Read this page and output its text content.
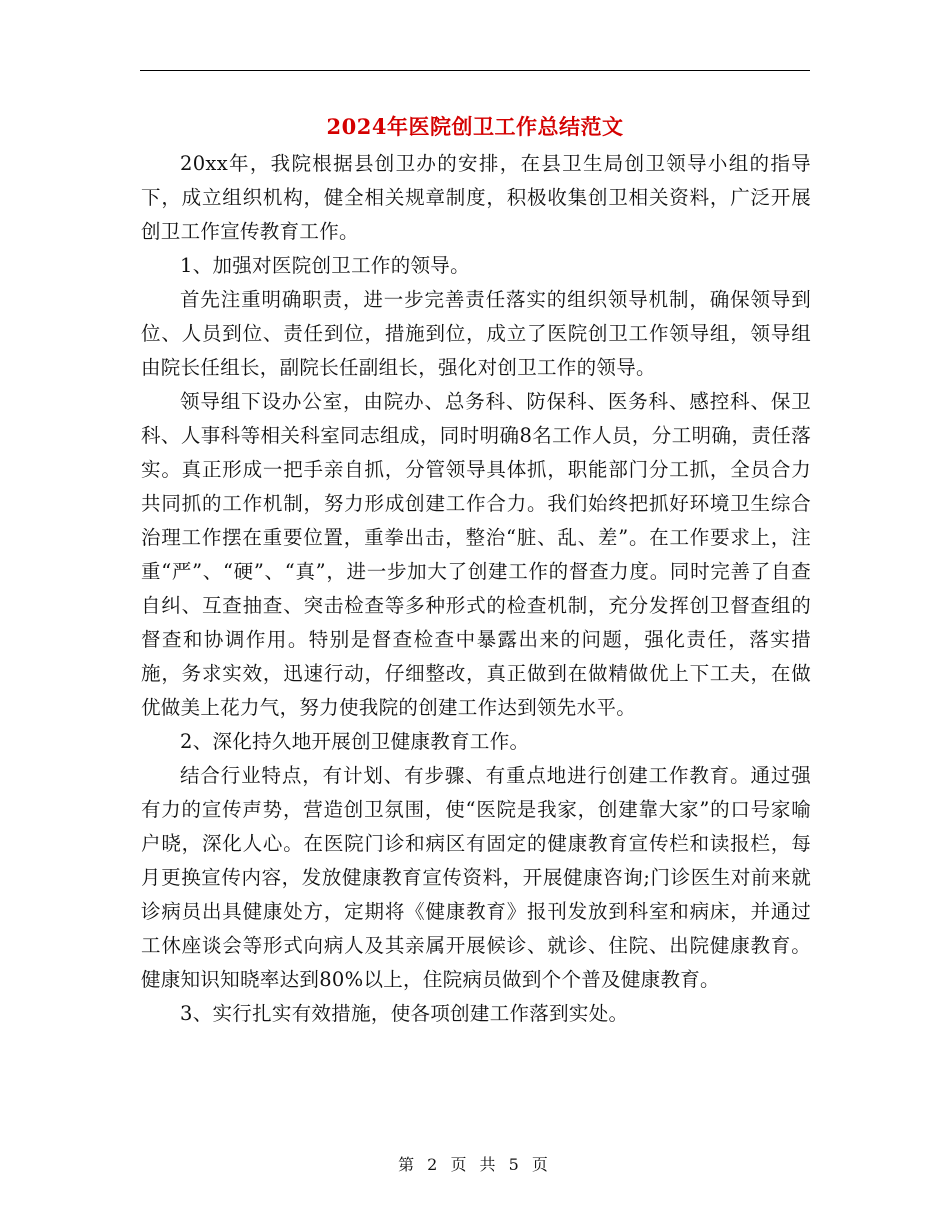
2024年医院创卫工作总结范文

20xx年，我院根据县创卫办的安排，在县卫生局创卫领导小组的指导下，成立组织机构，健全相关规章制度，积极收集创卫相关资料，广泛开展创卫工作宣传教育工作。

1、加强对医院创卫工作的领导。

首先注重明确职责，进一步完善责任落实的组织领导机制，确保领导到位、人员到位、责任到位，措施到位，成立了医院创卫工作领导组，领导组由院长任组长，副院长任副组长，强化对创卫工作的领导。

领导组下设办公室，由院办、总务科、防保科、医务科、感控科、保卫科、人事科等相关科室同志组成，同时明确8名工作人员，分工明确，责任落实。真正形成一把手亲自抓，分管领导具体抓，职能部门分工抓，全员合力共同抓的工作机制，努力形成创建工作合力。我们始终把抓好环境卫生综合治理工作摆在重要位置，重拳出击，整治“脏、乱、差”。在工作要求上，注重“严”、“硬”、“真”，进一步加大了创建工作的督查力度。同时完善了自查自纠、互查抽查、突击检查等多种形式的检查机制，充分发挥创卫督查组的督查和协调作用。特别是督查检查中暴露出来的问题，强化责任，落实措施，务求实效，迅速行动，仔细整改，真正做到在做精做优上下工夫，在做优做美上花力气，努力使我院的创建工作达到领先水平。

2、深化持久地开展创卫健康教育工作。

结合行业特点，有计划、有步骤、有重点地进行创建工作教育。通过强有力的宣传声势，营造创卫氛围，使“医院是我家，创建靠大家”的口号家喻户晓，深化人心。在医院门诊和病区有固定的健康教育宣传栏和读报栏，每月更换宣传内容，发放健康教育宣传资料，开展健康咨询;门诊医生对前来就诊病员出具健康处方，定期将《健康教育》报刊发放到科室和病床，并通过工休座谈会等形式向病人及其亲属开展候诊、就诊、住院、出院健康教育。健康知识知晓率达到80%以上，住院病员做到个个普及健康教育。

3、实行扎实有效措施，使各项创建工作落到实处。

第 2 页 共 5 页
